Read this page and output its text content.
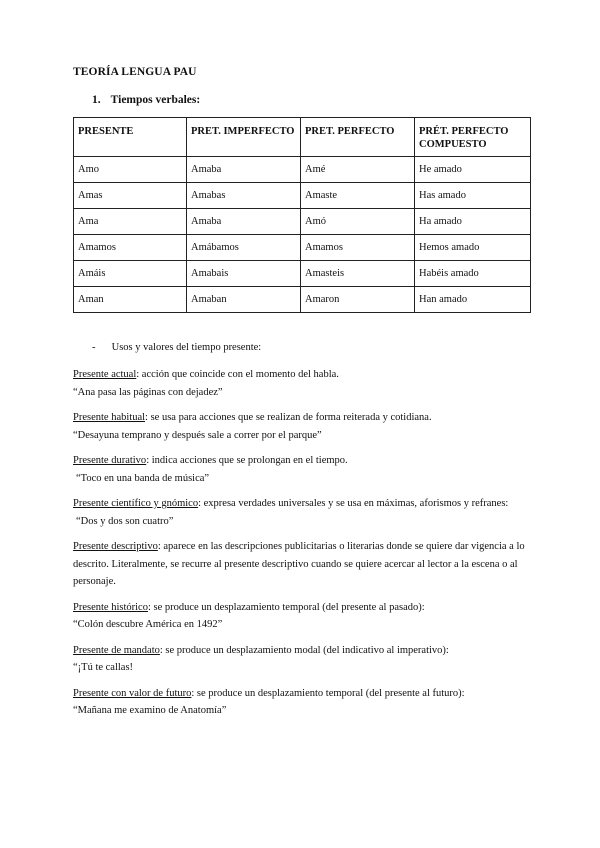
TEORÍA LENGUA PAU
1. Tiempos verbales:
PRESENTE	PRET. IMPERFECTO	PRET. PERFECTO	PRÉT. PERFECTO COMPUESTO
Amo	Amaba	Amé	He amado
Amas	Amabas	Amaste	Has amado
Ama	Amaba	Amó	Ha amado
Amamos	Amábamos	Amamos	Hemos amado
Amáis	Amabais	Amasteis	Habéis amado
Aman	Amaban	Amaron	Han amado
- Usos y valores del tiempo presente:
Presente actual: acción que coincide con el momento del habla.
“Ana pasa las páginas con dejadez”
Presente habitual: se usa para acciones que se realizan de forma reiterada y cotidiana.
“Desayuna temprano y después sale a correr por el parque”
Presente durativo: indica acciones que se prolongan en el tiempo.
“Toco en una banda de música”
Presente científico y gnómico: expresa verdades universales y se usa en máximas, aforismos y refranes:
“Dos y dos son cuatro”
Presente descriptivo: aparece en las descripciones publicitarias o literarias donde se quiere dar vigencia a lo descrito. Literalmente, se recurre al presente descriptivo cuando se quiere acercar al lector a la escena o al personaje.
Presente histórico: se produce un desplazamiento temporal (del presente al pasado):
“Colón descubre América en 1492”
Presente de mandato: se produce un desplazamiento modal (del indicativo al imperativo):
“¡Tú te callas!
Presente con valor de futuro: se produce un desplazamiento temporal (del presente al futuro):
“Mañana me examino de Anatomía”
